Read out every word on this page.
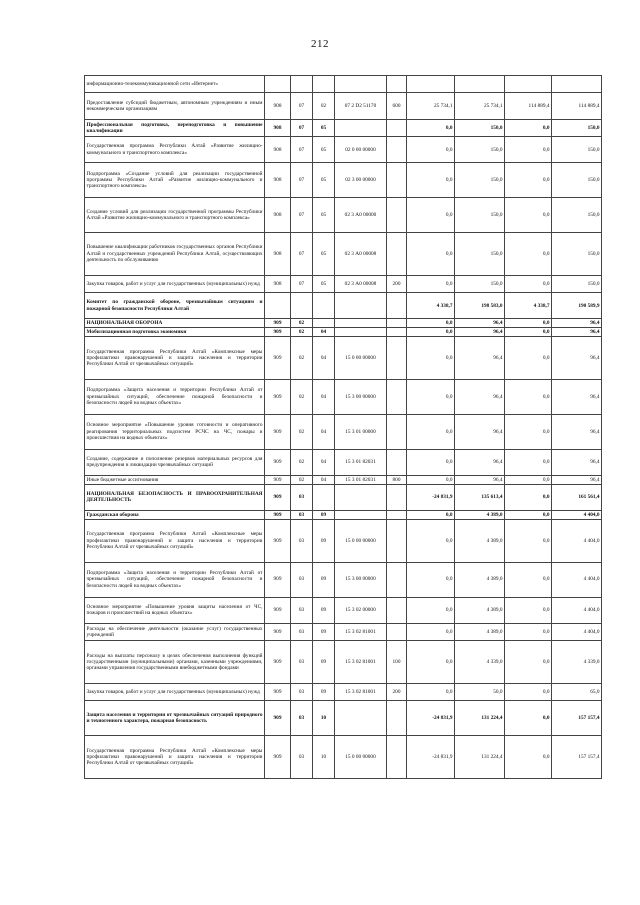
212
информационно-телекоммуникационной сети «Интернет»									
Предоставление субсидий бюджетным, автономным учреждениям и иным некоммерческим организациям	908	07	02	07 2 D2 51170	600	25 734,1	25 734,1	114 889,4	114 889,4
Профессиональная подготовка, переподготовка и повышение квалификации	908	07	05			0,0	150,0	0,0	150,0
Государственная программа Республики Алтай «Развитие жилищно-коммунального и транспортного комплекса»	908	07	05	02 0 00 00000		0,0	150,0	0,0	150,0
Подпрограмма «Создание условий для реализации государственной программы Республики Алтай «Развитие жилищно-коммунального и транспортного комплекса»	908	07	05	02 3 00 00000		0,0	150,0	0,0	150,0
Создание условий для реализации государственной программы Республики Алтай «Развитие жилищно-коммунального и транспортного комплекса»	908	07	05	02 3 А0 00000		0,0	150,0	0,0	150,0
Повышение квалификации работников государственных органов Республики Алтай и государственных учреждений Республики Алтай, осуществляющих деятельность по обслуживанию	908	07	05	02 3 А0 00008		0,0	150,0	0,0	150,0
Закупка товаров, работ и услуг для государственных (муниципальных) нужд	908	07	05	02 3 А0 00008	200	0,0	150,0	0,0	150,0
Комитет по гражданской обороне, чрезвычайным ситуациям и пожарной безопасности Республики Алтай						4 338,7	198 583,0	4 338,7	190 589,9
НАЦИОНАЛЬНАЯ ОБОРОНА	909	02				0,0	96,4	0,0	96,4
Мобилизационная подготовка экономики	909	02	04			0,0	96,4	0,0	96,4
Государственная программа Республики Алтай «Комплексные меры профилактики правонарушений и защита населения и территории Республики Алтай от чрезвычайных ситуаций»	909	02	04	15 0 00 00000		0,0	96,4	0,0	96,4
Подпрограмма «Защита населения и территории Республики Алтай от чрезвычайных ситуаций, обеспечение пожарной безопасности и безопасности людей на водных объектах»	909	02	04	15 3 00 00000		0,0	96,4	0,0	96,4
Основное мероприятие «Повышение уровня готовности и оперативного реагирования территориальных подсистем РСЧС на ЧС, пожары и происшествия на водных объектах»	909	02	04	15 3 01 00000		0,0	96,4	0,0	96,4
Создание, содержание и пополнение резервов материальных ресурсов для предупреждения и ликвидации чрезвычайных ситуаций	909	02	04	15 3 01 82031		0,0	96,4	0,0	96,4
Иные бюджетные ассигнования	909	02	04	15 3 01 82031	800	0,0	96,4	0,0	96,4
НАЦИОНАЛЬНАЯ БЕЗОПАСНОСТЬ И ПРАВООХРАНИТЕЛЬНАЯ ДЕЯТЕЛЬНОСТЬ	909	03				-24 831,9	135 613,4	0,0	161 561,4
Гражданская оборона	909	03	09			0,0	4 389,0	0,0	4 404,0
Государственная программа Республики Алтай «Комплексные меры профилактики правонарушений и защита населения и территории Республики Алтай от чрезвычайных ситуаций»	909	03	09	15 0 00 00000		0,0	4 389,0	0,0	4 404,0
Подпрограмма «Защита населения и территории Республики Алтай от чрезвычайных ситуаций, обеспечение пожарной безопасности и безопасности людей на водных объектах»	909	03	09	15 3 00 00000		0,0	4 389,0	0,0	4 404,0
Основное мероприятие «Повышение уровня защиты населения от ЧС, пожаров и происшествий на водных объектах»	909	03	09	15 3 02 00000		0,0	4 389,0	0,0	4 404,0
Расходы на обеспечение деятельности (оказание услуг) государственных учреждений	909	03	09	15 3 02 81001		0,0	4 389,0	0,0	4 404,0
Расходы на выплаты персоналу в целях обеспечения выполнения функций государственными (муниципальными) органами, казенными учреждениями, органами управления государственными внебюджетными фондами	909	03	09	15 3 02 81001	100	0,0	4 339,0	0,0	4 339,0
Закупка товаров, работ и услуг для государственных (муниципальных) нужд	909	03	09	15 3 02 81001	200	0,0	50,0	0,0	65,0
Защита населения и территории от чрезвычайных ситуаций природного и техногенного характера, пожарная безопасность	909	03	10			-24 831,9	131 224,4	0,0	157 157,4
Государственная программа Республики Алтай «Комплексные меры профилактики правонарушений и защита населения и территории Республики Алтай от чрезвычайных ситуаций»	909	03	10	15 0 00 00000		-24 831,9	131 224,4	0,0	157 157,4
